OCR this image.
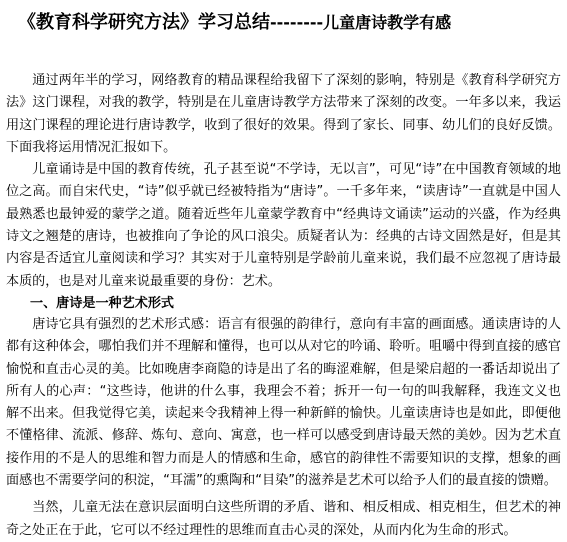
《教育科学研究方法》学习总结--------儿童唐诗教学有感

通过两年半的学习，网络教育的精品课程给我留下了深刻的影响，特别是《教育科学研究方法》这门课程，对我的教学，特别是在儿童唐诗教学方法带来了深刻的改变。一年多以来，我运用这门课程的理论进行唐诗教学，收到了很好的效果。得到了家长、同事、幼儿们的良好反馈。下面我将运用情况汇报如下。

儿童诵诗是中国的教育传统，孔子甚至说“不学诗，无以言”，可见“诗”在中国教育领域的地位之高。而自宋代史，“诗”似乎就已经被特指为“唐诗”。一千多年来，“读唐诗”一直就是中国人最熟悉也最钟爱的蒙学之道。随着近些年儿童蒙学教育中“经典诗文诵读”运动的兴盛，作为经典诗文之翘楚的唐诗，也被推向了争论的风口浪尖。质疑者认为：经典的古诗文固然是好，但是其内容是否适宜儿童阅读和学习？其实对于儿童特别是学龄前儿童来说，我们最不应忽视了唐诗最本质的，也是对儿童来说最重要的身份：艺术。

一、唐诗是一种艺术形式

唐诗它具有强烈的艺术形式感：语言有很强的韵律行，意向有丰富的画面感。通读唐诗的人都有这种体会，哪怕我们并不理解和懂得，也可以从对它的吟诵、聆听。咀嚼中得到直接的感官愉悦和直击心灵的美。比如晚唐李商隐的诗是出了名的晦涩难解，但是梁启超的一番话却说出了所有人的心声：“这些诗，他讲的什么事，我理会不着；拆开一句一句的叫我解释，我连文义也解不出来。但我觉得它美，读起来令我精神上得一种新鲜的愉快。儿童读唐诗也是如此，即便他不懂格律、流派、修辞、炼句、意向、寓意，也一样可以感受到唐诗最天然的美妙。因为艺术直接作用的不是人的思维和智力而是人的情感和生命，感官的韵律性不需要知识的支撑，想象的画面感也不需要学问的积淀，“耳濡”的熏陶和“目染”的滋养是艺术可以给予人们的最直接的馈赠。

当然，儿童无法在意识层面明白这些所谓的矛盾、谐和、相反相成、相克相生，但艺术的神奇之处正在于此，它可以不经过理性的思维而直击心灵的深处，从而内化为生命的形式。
